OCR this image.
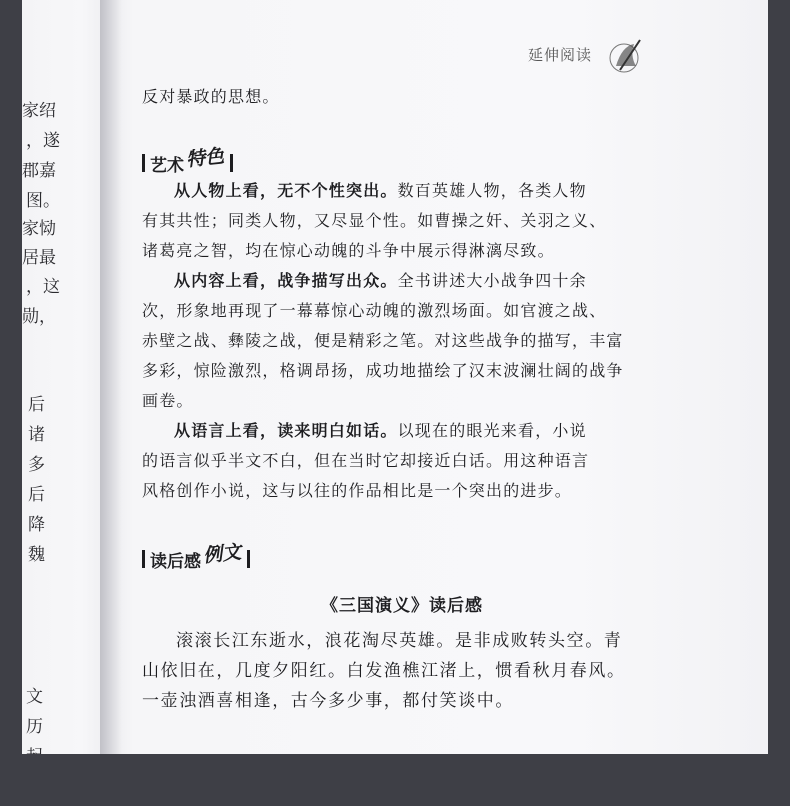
家绍
，遂
郡嘉
图。
家恸
居最
，这
勋，
后
诸
多
后
降
魏
文
历
延伸阅读
反对暴政的思想。
艺术 特色
从人物上看，无不个性突出。数百英雄人物，各类人物
有其共性；同类人物，又尽显个性。如曹操之奸、关羽之义、
诸葛亮之智，均在惊心动魄的斗争中展示得淋漓尽致。
从内容上看，战争描写出众。全书讲述大小战争四十余
次，形象地再现了一幕幕惊心动魄的激烈场面。如官渡之战、
赤壁之战、彝陵之战，便是精彩之笔。对这些战争的描写，丰富
多彩，惊险激烈，格调昂扬，成功地描绘了汉末波澜壮阔的战争
画卷。
从语言上看，读来明白如话。以现在的眼光来看，小说
的语言似乎半文不白，但在当时它却接近白话。用这种语言
风格创作小说，这与以往的作品相比是一个突出的进步。
读后感 例文
《三国演义》读后感
滚滚长江东逝水，浪花淘尽英雄。是非成败转头空。青
山依旧在，几度夕阳红。白发渔樵江渚上，惯看秋月春风。
一壶浊酒喜相逢，古今多少事，都付笑谈中。
